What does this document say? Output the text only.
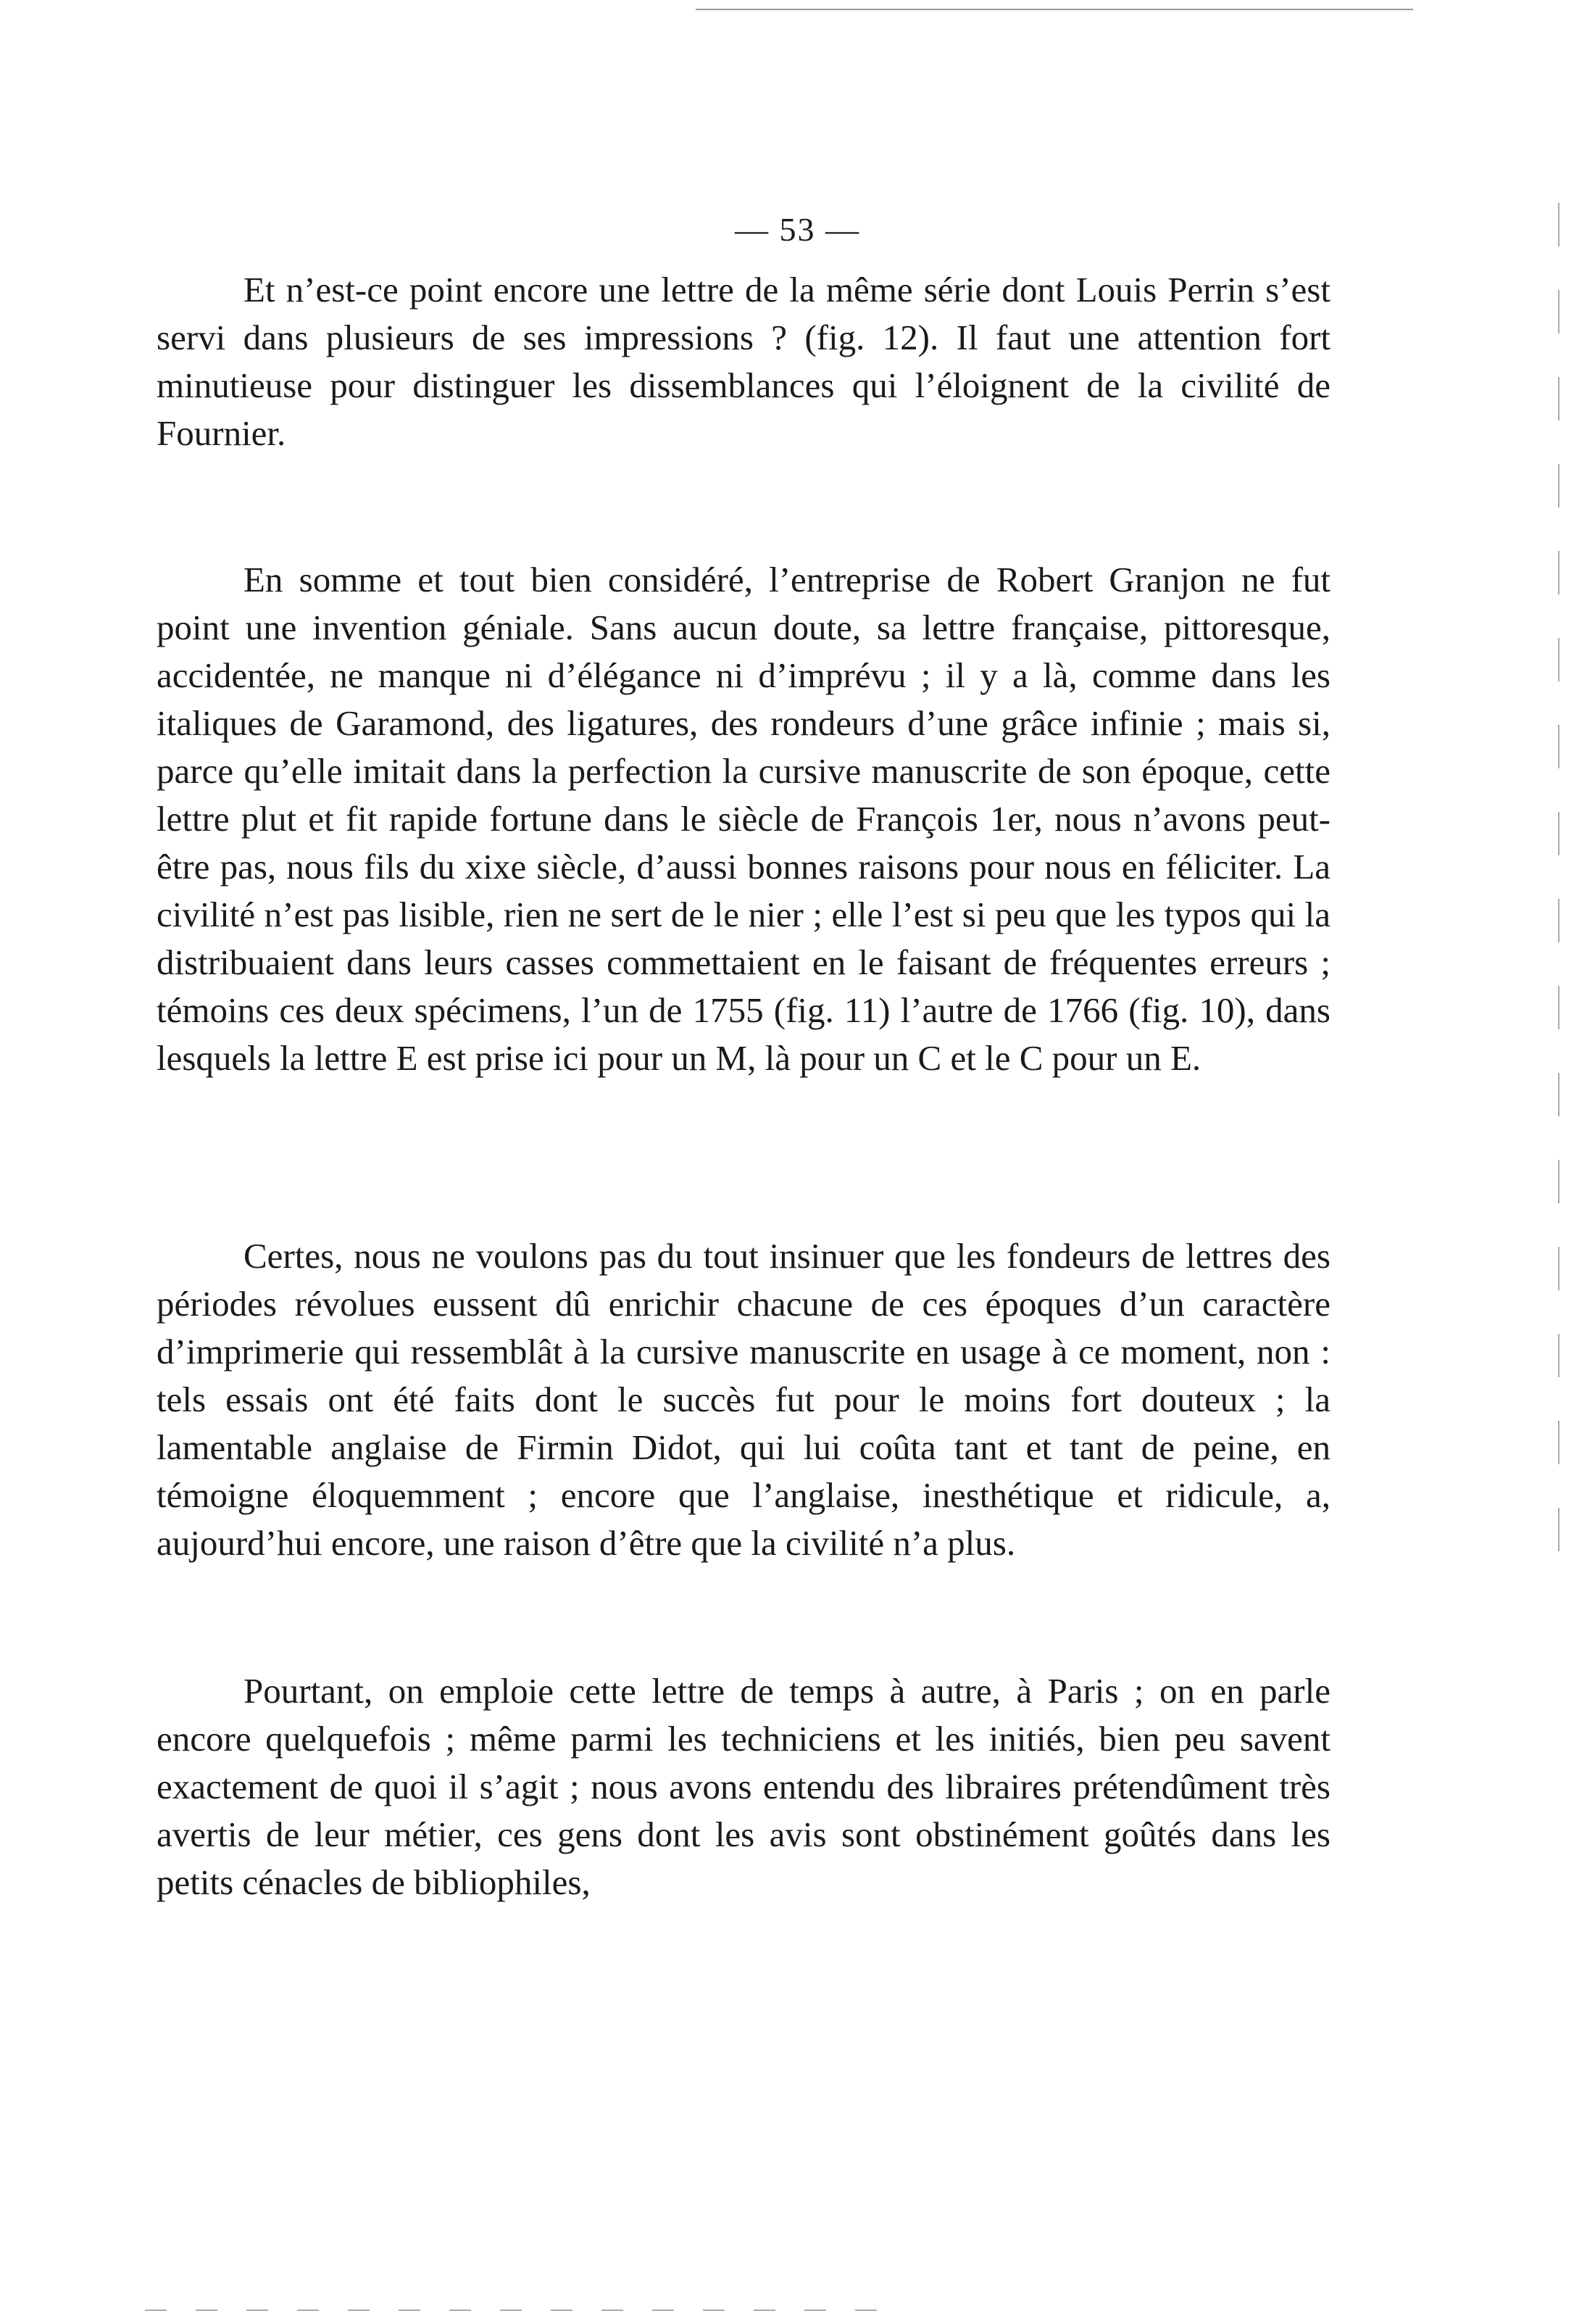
— 53 —

Et n’est-ce point encore une lettre de la même série dont Louis Perrin s’est servi dans plusieurs de ses impressions ? (fig. 12). Il faut une attention fort minutieuse pour distinguer les dissemblances qui l’éloignent de la civilité de Fournier.

En somme et tout bien considéré, l’entreprise de Robert Granjon ne fut point une invention géniale. Sans aucun doute, sa lettre française, pittoresque, accidentée, ne manque ni d’élégance ni d’imprévu ; il y a là, comme dans les italiques de Garamond, des ligatures, des rondeurs d’une grâce infinie ; mais si, parce qu’elle imitait dans la perfection la cursive manuscrite de son époque, cette lettre plut et fit rapide fortune dans le siècle de François 1er, nous n’avons peut-être pas, nous fils du xixe siècle, d’aussi bonnes raisons pour nous en féliciter. La civilité n’est pas lisible, rien ne sert de le nier ; elle l’est si peu que les typos qui la distribuaient dans leurs casses commettaient en le faisant de fréquentes erreurs ; témoins ces deux spécimens, l’un de 1755 (fig. 11) l’autre de 1766 (fig. 10), dans lesquels la lettre E est prise ici pour un M, là pour un C et le C pour un E.

Certes, nous ne voulons pas du tout insinuer que les fondeurs de lettres des périodes révolues eussent dû enrichir chacune de ces époques d’un caractère d’imprimerie qui ressemblât à la cursive manuscrite en usage à ce moment, non : tels essais ont été faits dont le succès fut pour le moins fort douteux ; la lamentable anglaise de Firmin Didot, qui lui coûta tant et tant de peine, en témoigne éloquemment ; encore que l’anglaise, inesthétique et ridicule, a, aujourd’hui encore, une raison d’être que la civilité n’a plus.

Pourtant, on emploie cette lettre de temps à autre, à Paris ; on en parle encore quelquefois ; même parmi les techniciens et les initiés, bien peu savent exactement de quoi il s’agit ; nous avons entendu des libraires prétendûment très avertis de leur métier, ces gens dont les avis sont obstinément goûtés dans les petits cénacles de bibliophiles,
